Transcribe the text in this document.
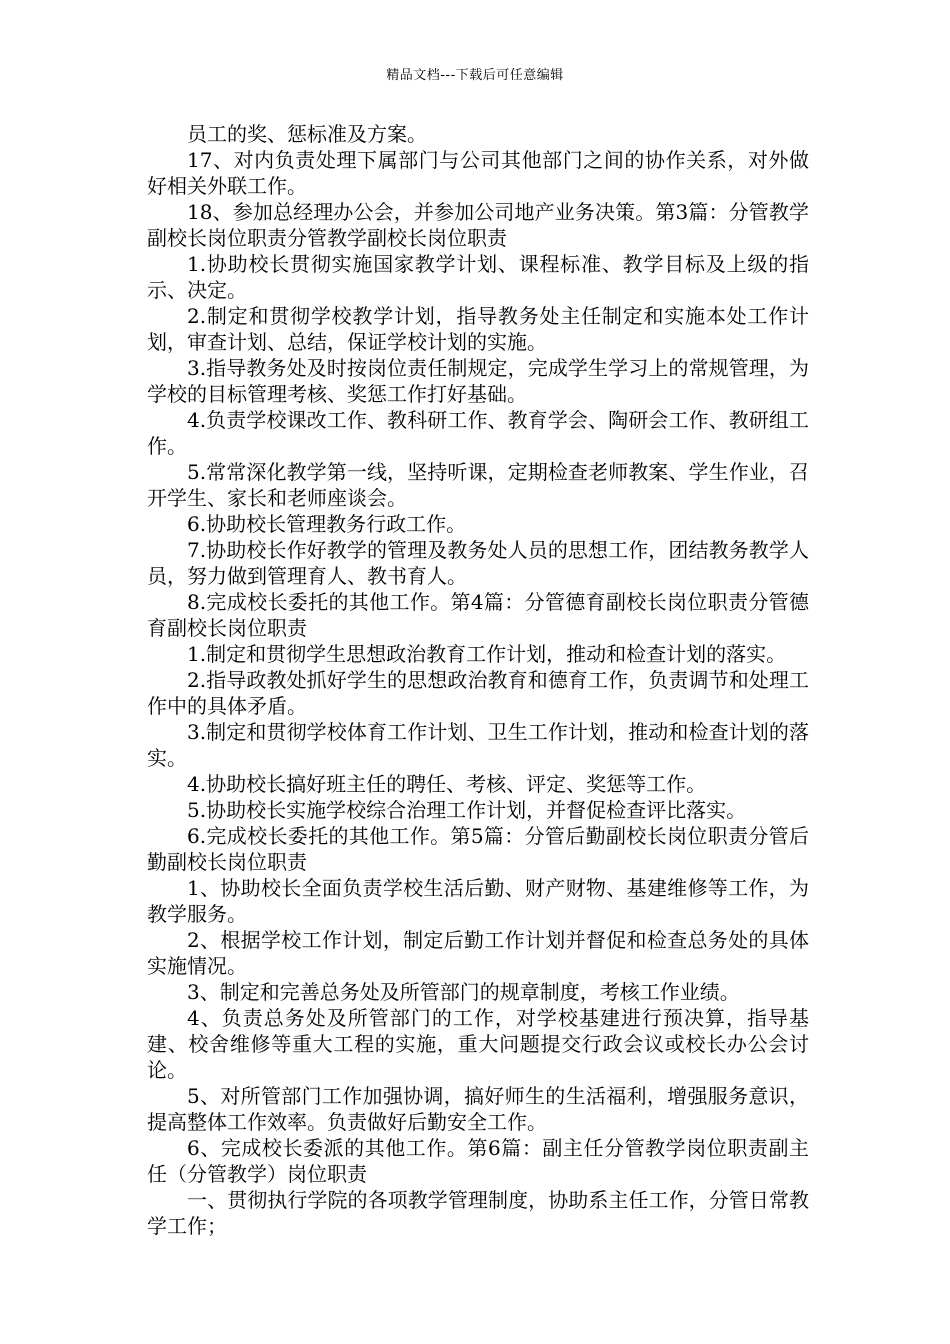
精品文档---下载后可任意编辑

员工的奖、惩标准及方案。

17、对内负责处理下属部门与公司其他部门之间的协作关系，对外做好相关外联工作。

18、参加总经理办公会，并参加公司地产业务决策。第3篇：分管教学副校长岗位职责分管教学副校长岗位职责

1.协助校长贯彻实施国家教学计划、课程标准、教学目标及上级的指示、决定。

2.制定和贯彻学校教学计划，指导教务处主任制定和实施本处工作计划，审查计划、总结，保证学校计划的实施。

3.指导教务处及时按岗位责任制规定，完成学生学习上的常规管理，为学校的目标管理考核、奖惩工作打好基础。

4.负责学校课改工作、教科研工作、教育学会、陶研会工作、教研组工作。

5.常常深化教学第一线，坚持听课，定期检查老师教案、学生作业，召开学生、家长和老师座谈会。

6.协助校长管理教务行政工作。

7.协助校长作好教学的管理及教务处人员的思想工作，团结教务教学人员，努力做到管理育人、教书育人。

8.完成校长委托的其他工作。第4篇：分管德育副校长岗位职责分管德育副校长岗位职责

1.制定和贯彻学生思想政治教育工作计划，推动和检查计划的落实。

2.指导政教处抓好学生的思想政治教育和德育工作，负责调节和处理工作中的具体矛盾。

3.制定和贯彻学校体育工作计划、卫生工作计划，推动和检查计划的落实。

4.协助校长搞好班主任的聘任、考核、评定、奖惩等工作。

5.协助校长实施学校综合治理工作计划，并督促检查评比落实。

6.完成校长委托的其他工作。第5篇：分管后勤副校长岗位职责分管后勤副校长岗位职责

1、协助校长全面负责学校生活后勤、财产财物、基建维修等工作，为教学服务。

2、根据学校工作计划，制定后勤工作计划并督促和检查总务处的具体实施情况。

3、制定和完善总务处及所管部门的规章制度，考核工作业绩。

4、负责总务处及所管部门的工作，对学校基建进行预决算，指导基建、校舍维修等重大工程的实施，重大问题提交行政会议或校长办公会讨论。

5、对所管部门工作加强协调，搞好师生的生活福利，增强服务意识，提高整体工作效率。负责做好后勤安全工作。

6、完成校长委派的其他工作。第6篇：副主任分管教学岗位职责副主任（分管教学）岗位职责

一、贯彻执行学院的各项教学管理制度，协助系主任工作，分管日常教学工作；
